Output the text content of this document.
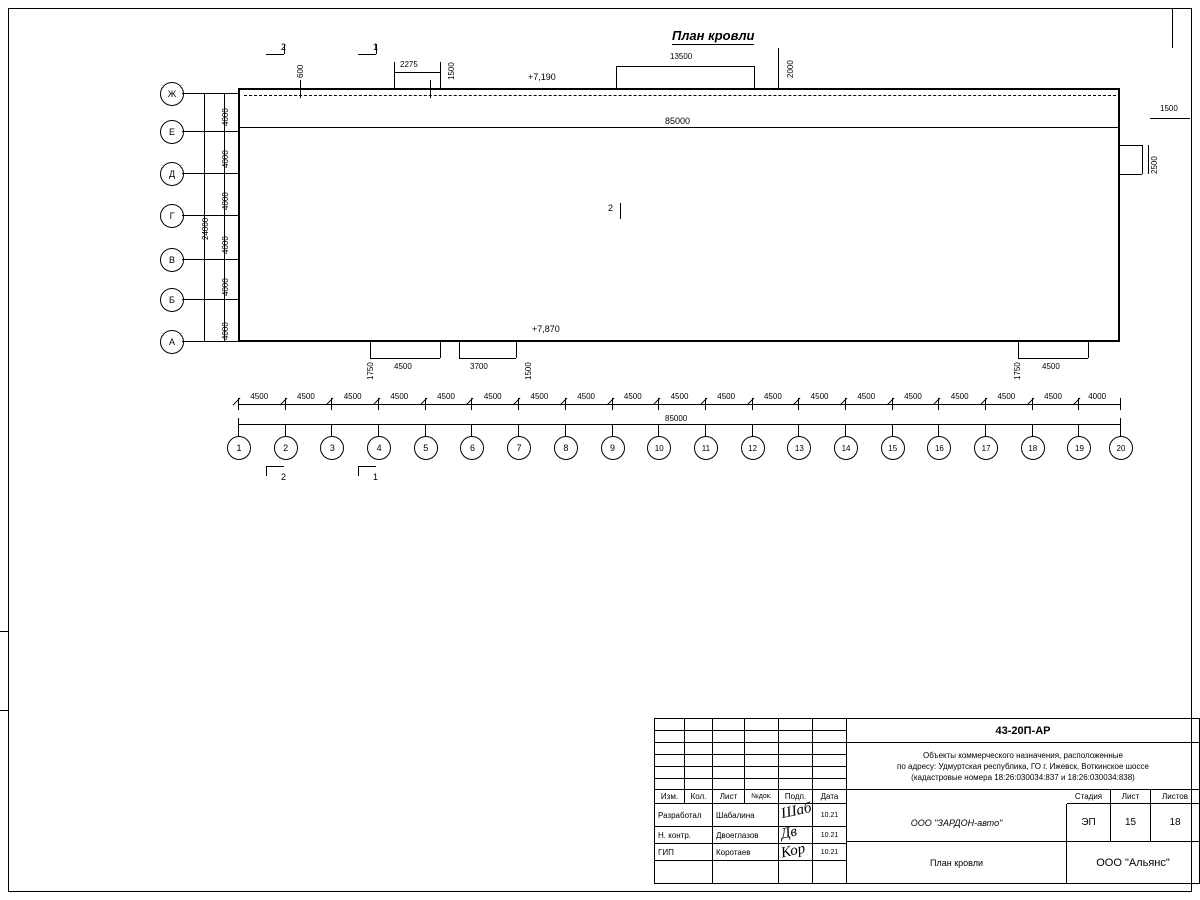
План кровли
+7,190
+7,870
85000
2
2	1
2	1
600
2275	1500
13500
2000
1500
2500
1750 4500	3700	1500	1750	4500
Ж
Е
Д
Г
В
Б
А
24000
4000
4000
4000
4000
4000
4000
85000
4500	4500	4500	4500	4500	4500	4500	4500	4500	4500	4500	4500	4500	4500	4500	4500	4500	4500	4000
1	2	3	4	5	6	7	8	9	10	11	12	13	14	15	16	17	18	19	20
43-20П-АР
Объекты коммерческого назначения, расположенные
по адресу: Удмуртская республика, ГО г. Ижевск, Воткинское шоссе
(кадастровые номера 18:26:030034:837 и 18:26:030034:838)
Изм.	Кол.	Лист	№док.	Подп.	Дата	Стадия	Лист	Листов
Разработал	Шабалина	10.21
Н. контр.	Двоеглазов	10.21
ГИП	Коротаев	10.21
ООО "ЗАРДОН-авто"
План кровли
ЭП	15	18
ООО "Альянс"
Шаб
Дв
Кор
